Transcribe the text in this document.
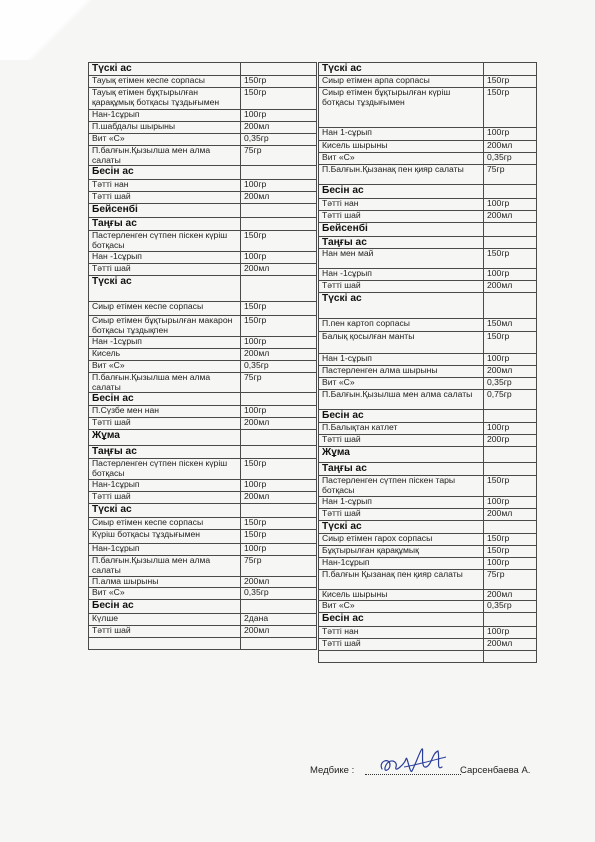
Түскі ас	
Тауық етімен кеспе сорпасы	150гр
Тауық етімен бұқтырылған қарақұмық ботқасы тұздығымен	150гр
Нан-1сұрып	100гр
П.шабдалы шырыны	200мл
Вит «С»	0,35гр
П.балғын.Қызылша мен алма салаты	75гр
Бесін ас	
Тәтті нан	100гр
Тәтті шай	200мл
Бейсенбі	
Таңғы ас	
Пастерленген сүтпен піскен күріш ботқасы	150гр
Нан -1сұрып	100гр
Тәтті шай	200мл
Түскі ас	
Сиыр етімен кеспе сорпасы	150гр
Сиыр етімен бұқтырылған макарон ботқасы тұздықпен	150гр
Нан -1сұрып	100гр
Кисель	200мл
Вит «С»	0,35гр
П.балғын.Қызылша мен алма салаты	75гр
Бесін ас	
П.Сүзбе мен нан	100гр
Тәтті шай	200мл
Жұма	
Таңғы ас	
Пастерленген сүтпен піскен күріш ботқасы	150гр
Нан-1сұрып	100гр
Тәтті шай	200мл
Түскі ас	
Сиыр етімен кеспе сорпасы	150гр
Күріш ботқасы тұздығымен	150гр
Нан-1сұрып	100гр
П.балғын.Қызылша мен алма салаты	75гр
П.алма шырыны	200мл
Вит «С»	0,35гр
Бесін ас	
Күлше	2дана
Тәтті шай	200мл

Түскі ас	
Сиыр етімен арпа сорпасы	150гр
Сиыр етімен бұқтырылған күріш ботқасы тұздығымен	150гр
Нан 1-сұрып	100гр
Кисель шырыны	200мл
Вит «С»	0,35гр
П.Балғын.Қызанақ пен қияр салаты	75гр
Бесін ас	
Тәтті нан	100гр
Тәтті шай	200мл
Бейсенбі	
Таңғы ас	
Нан мен май	150гр
Нан -1сұрып	100гр
Тәтті шай	200мл
Түскі ас	
П.пен картоп сорпасы	150мл
Балық қосылған манты	150гр
Нан 1-сұрып	100гр
Пастерленген алма шырыны	200мл
Вит «С»	0,35гр
П.Балғын.Қызылша мен алма салаты	0,75гр
Бесін ас	
П.Балықтан катлет	100гр
Тәтті шай	200гр
Жұма	
Таңғы ас	
Пастерленген сүтпен піскен тары ботқасы	150гр
Нан 1-сұрып	100гр
Тәтті шай	200мл
Түскі ас	
Сиыр етімен гарох сорпасы	150гр
Бұқтырылған қарақұмық	150гр
Нан-1сұрып	100гр
П.балғын Қызанақ пен қияр салаты	75гр
Кисель шырыны	200мл
Вит «С»	0,35гр
Бесін ас	
Тәтті нан	100гр
Тәтті шай	200мл

Медбике :	Сарсенбаева А.
